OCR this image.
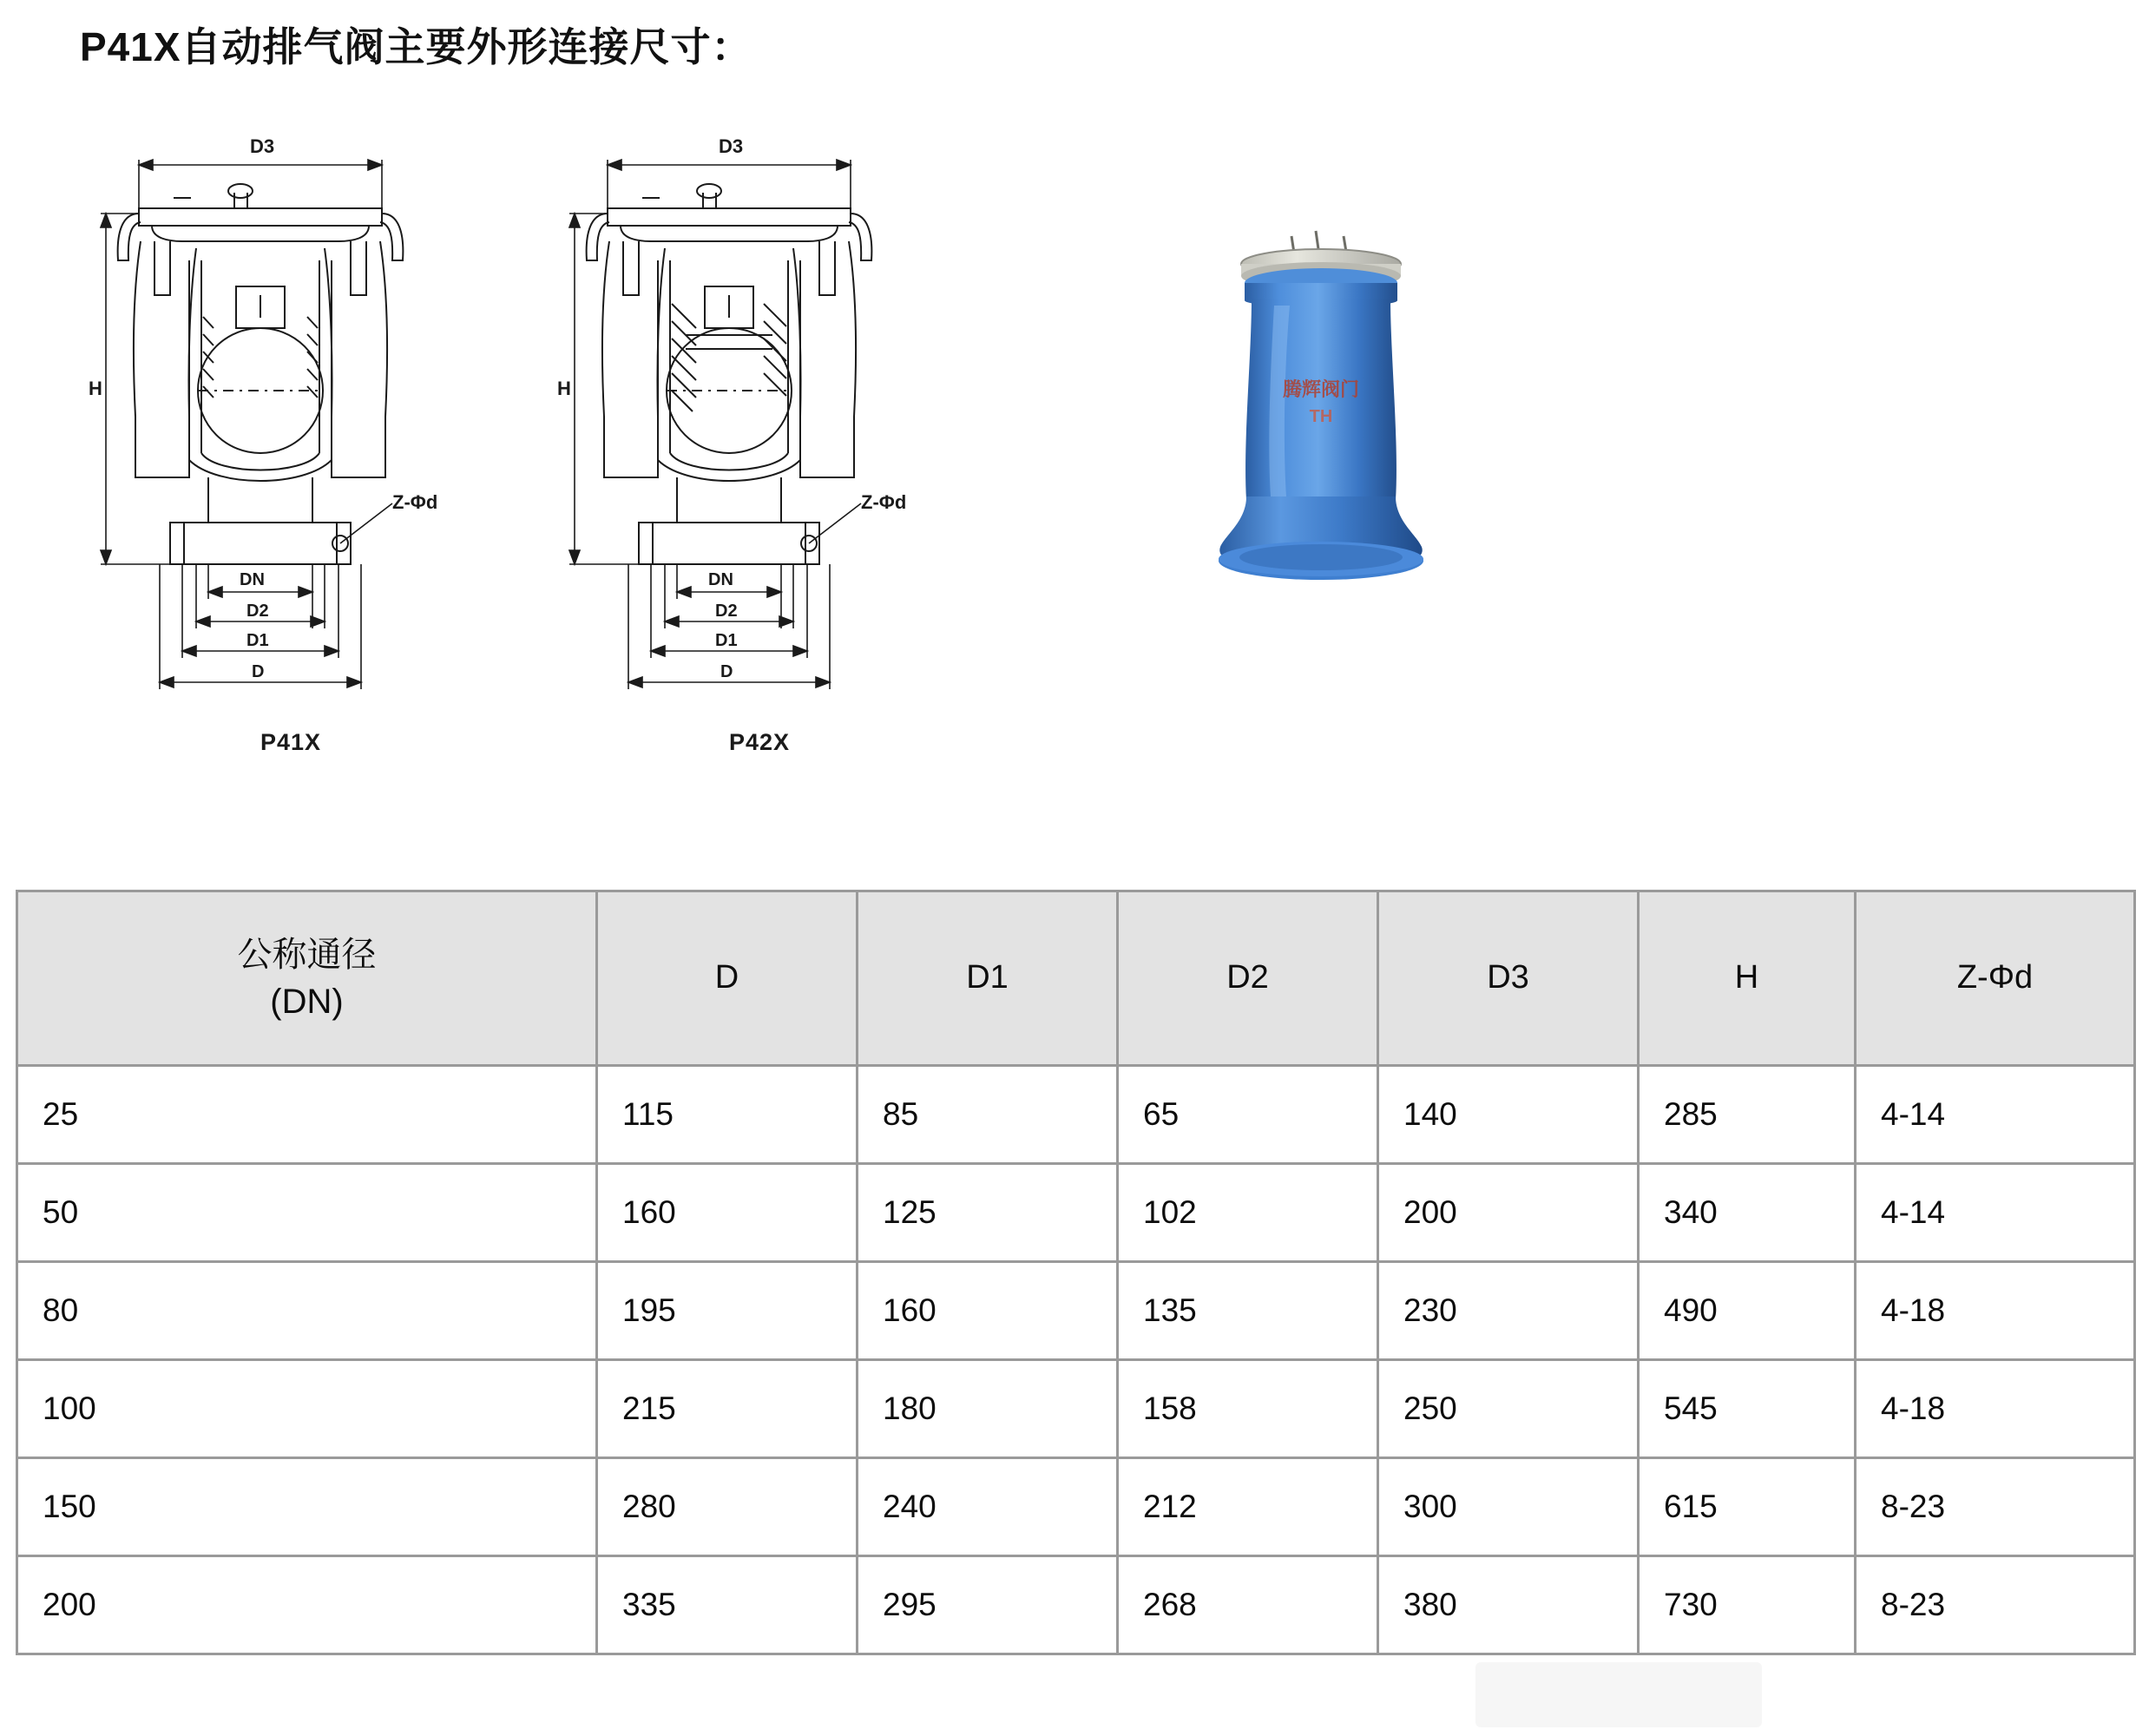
P41X自动排气阀主要外形连接尺寸：
D3
H
DN
D2
D1
D
Z-Φd
P41X
D3
H
DN
D2
D1
D
Z-Φd
P42X
腾辉阀门
TH
公称通径
(DN)	D	D1	D2	D3	H	Z-Φd
25	115	85	65	140	285	4-14
50	160	125	102	200	340	4-14
80	195	160	135	230	490	4-18
100	215	180	158	250	545	4-18
150	280	240	212	300	615	8-23
200	335	295	268	380	730	8-23
